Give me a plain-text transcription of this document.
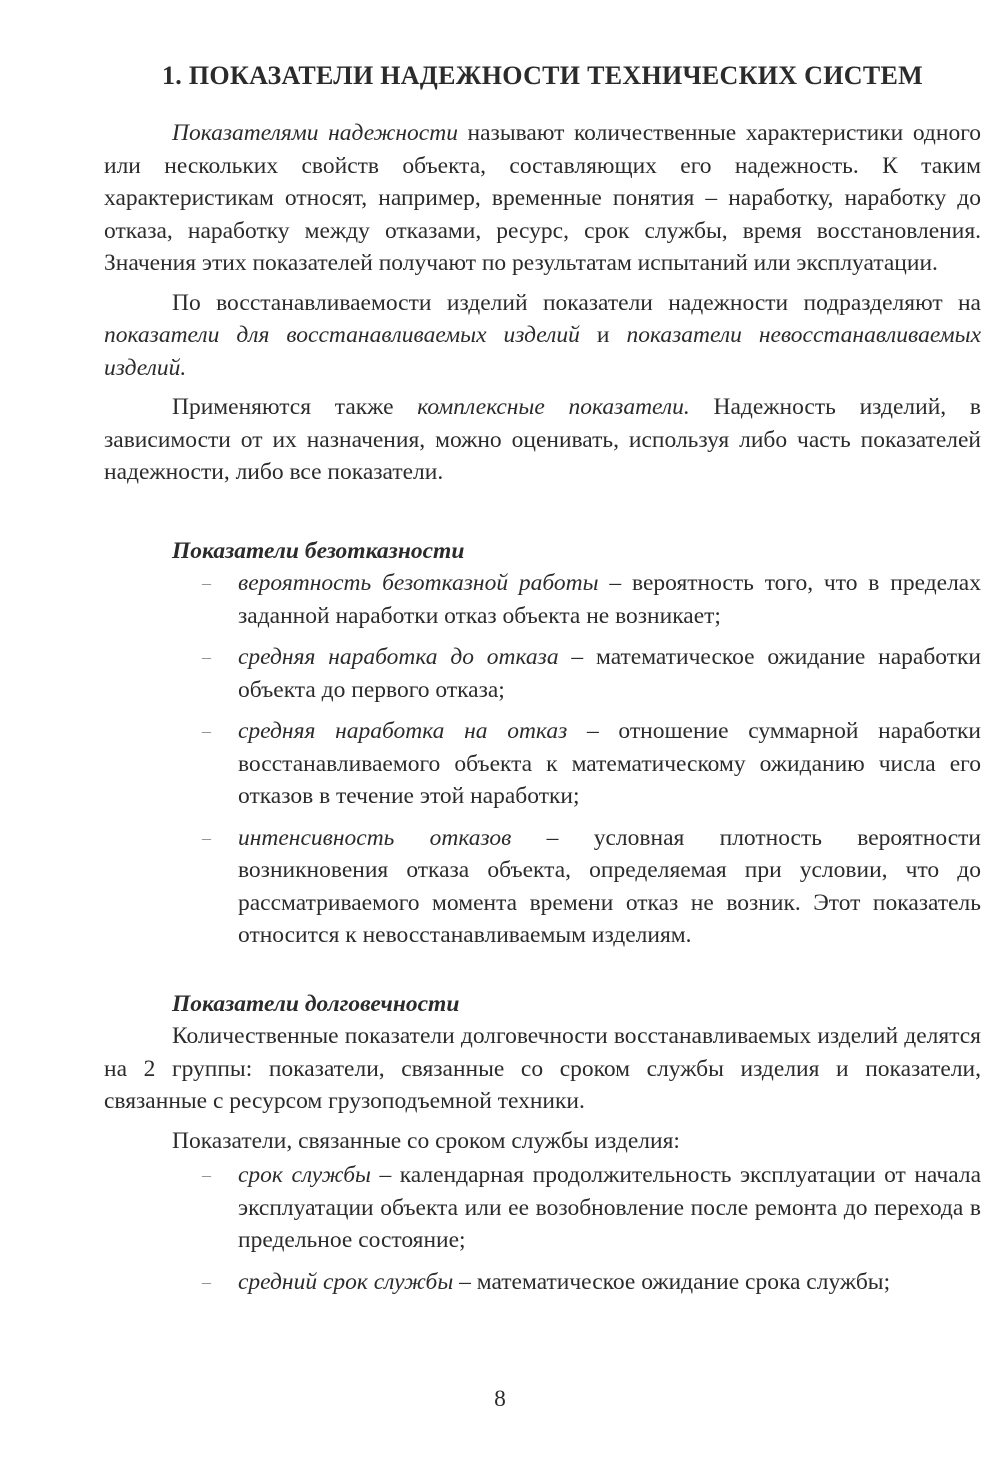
1. ПОКАЗАТЕЛИ НАДЕЖНОСТИ ТЕХНИЧЕСКИХ СИСТЕМ

Показателями надежности называют количественные характеристики одного или нескольких свойств объекта, составляющих его надежность. К таким характеристикам относят, например, временные понятия – наработку, наработку до отказа, наработку между отказами, ресурс, срок службы, время восстановления. Значения этих показателей получают по результатам испытаний или эксплуатации.

По восстанавливаемости изделий показатели надежности подразделяют на показатели для восстанавливаемых изделий и показатели невосстанавливаемых изделий.

Применяются также комплексные показатели. Надежность изделий, в зависимости от их назначения, можно оценивать, используя либо часть показателей надежности, либо все показатели.

Показатели безотказности
– вероятность безотказной работы – вероятность того, что в пределах заданной наработки отказ объекта не возникает;
– средняя наработка до отказа – математическое ожидание наработки объекта до первого отказа;
– средняя наработка на отказ – отношение суммарной наработки восстанавливаемого объекта к математическому ожиданию числа его отказов в течение этой наработки;
– интенсивность отказов – условная плотность вероятности возникновения отказа объекта, определяемая при условии, что до рассматриваемого момента времени отказ не возник. Этот показатель относится к невосстанавливаемым изделиям.
Показатели долговечности

Количественные показатели долговечности восстанавливаемых изделий делятся на 2 группы: показатели, связанные со сроком службы изделия и показатели, связанные с ресурсом грузоподъемной техники.

Показатели, связанные со сроком службы изделия:

– срок службы – календарная продолжительность эксплуатации от начала эксплуатации объекта или ее возобновление после ремонта до перехода в предельное состояние;
– средний срок службы – математическое ожидание срока службы;
8
